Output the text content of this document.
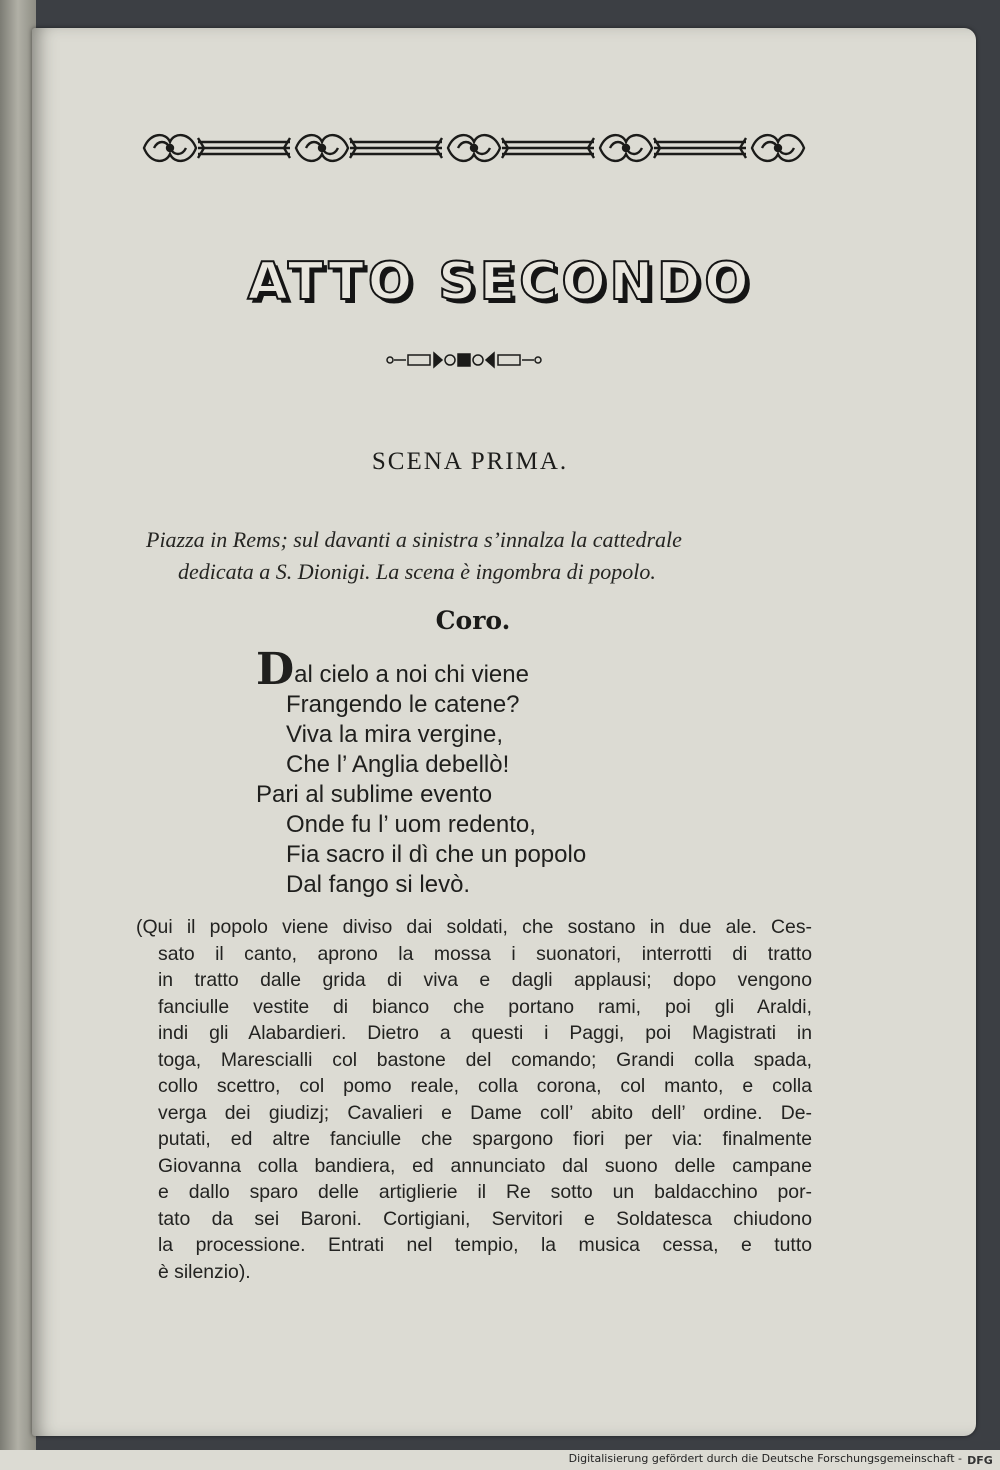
ATTO SECONDO
SCENA PRIMA.
Piazza in Rems; sul davanti a sinistra s’innalza la cattedrale
dedicata a S. Dionigi. La scena è ingombra di popolo.
Coro.
Dal cielo a noi chi viene
Frangendo le catene?
Viva la mira vergine,
Che l’ Anglia debellò!
Pari al sublime evento
Onde fu l’ uom redento,
Fia sacro il dì che un popolo
Dal fango si levò.
(Qui il popolo viene diviso dai soldati, che sostano in due ale. Ces-
sato il canto, aprono la mossa i suonatori, interrotti di tratto
in tratto dalle grida di viva e dagli applausi; dopo vengono
fanciulle vestite di bianco che portano rami, poi gli Araldi,
indi gli Alabardieri. Dietro a questi i Paggi, poi Magistrati in
toga, Marescialli col bastone del comando; Grandi colla spada,
collo scettro, col pomo reale, colla corona, col manto, e colla
verga dei giudizj; Cavalieri e Dame coll’ abito dell’ ordine. De-
putati, ed altre fanciulle che spargono fiori per via: finalmente
Giovanna colla bandiera, ed annunciato dal suono delle campane
e dallo sparo delle artiglierie il Re sotto un baldacchino por-
tato da sei Baroni. Cortigiani, Servitori e Soldatesca chiudono
la processione. Entrati nel tempio, la musica cessa, e tutto
è silenzio).
Digitalisierung gefördert durch die Deutsche Forschungsgemeinschaft - DFG
